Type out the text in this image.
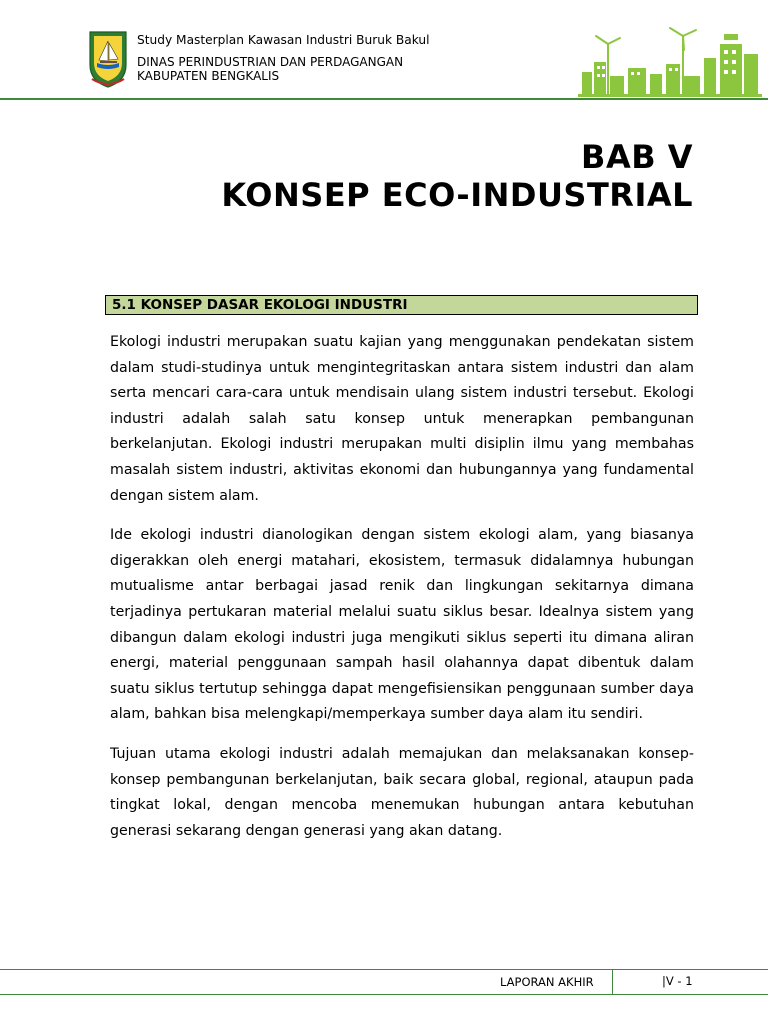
Study Masterplan Kawasan Industri Buruk Bakul
DINAS PERINDUSTRIAN DAN PERDAGANGAN
KABUPATEN BENGKALIS
BAB V
KONSEP ECO-INDUSTRIAL
5.1 KONSEP DASAR EKOLOGI INDUSTRI

Ekologi industri merupakan suatu kajian yang menggunakan pendekatan sistem dalam studi-studinya untuk mengintegritaskan antara sistem industri dan alam serta mencari cara-cara untuk mendisain ulang sistem industri tersebut. Ekologi industri adalah salah satu konsep untuk menerapkan pembangunan berkelanjutan. Ekologi industri merupakan multi disiplin ilmu yang membahas masalah sistem industri, aktivitas ekonomi dan hubungannya yang fundamental dengan sistem alam.

Ide ekologi industri dianologikan dengan sistem ekologi alam, yang biasanya digerakkan oleh energi matahari, ekosistem, termasuk didalamnya hubungan mutualisme antar berbagai jasad renik dan lingkungan sekitarnya dimana terjadinya pertukaran material melalui suatu siklus besar. Idealnya sistem yang dibangun dalam ekologi industri juga mengikuti siklus seperti itu dimana aliran energi, material penggunaan sampah hasil olahannya dapat dibentuk dalam suatu siklus tertutup sehingga dapat mengefisiensikan penggunaan sumber daya alam, bahkan bisa melengkapi/memperkaya sumber daya alam itu sendiri.

Tujuan utama ekologi industri adalah memajukan dan melaksanakan konsep-konsep pembangunan berkelanjutan, baik secara global, regional, ataupun pada tingkat lokal, dengan mencoba menemukan hubungan antara kebutuhan generasi sekarang dengan generasi yang akan datang.

LAPORAN AKHIR	|V - 1
